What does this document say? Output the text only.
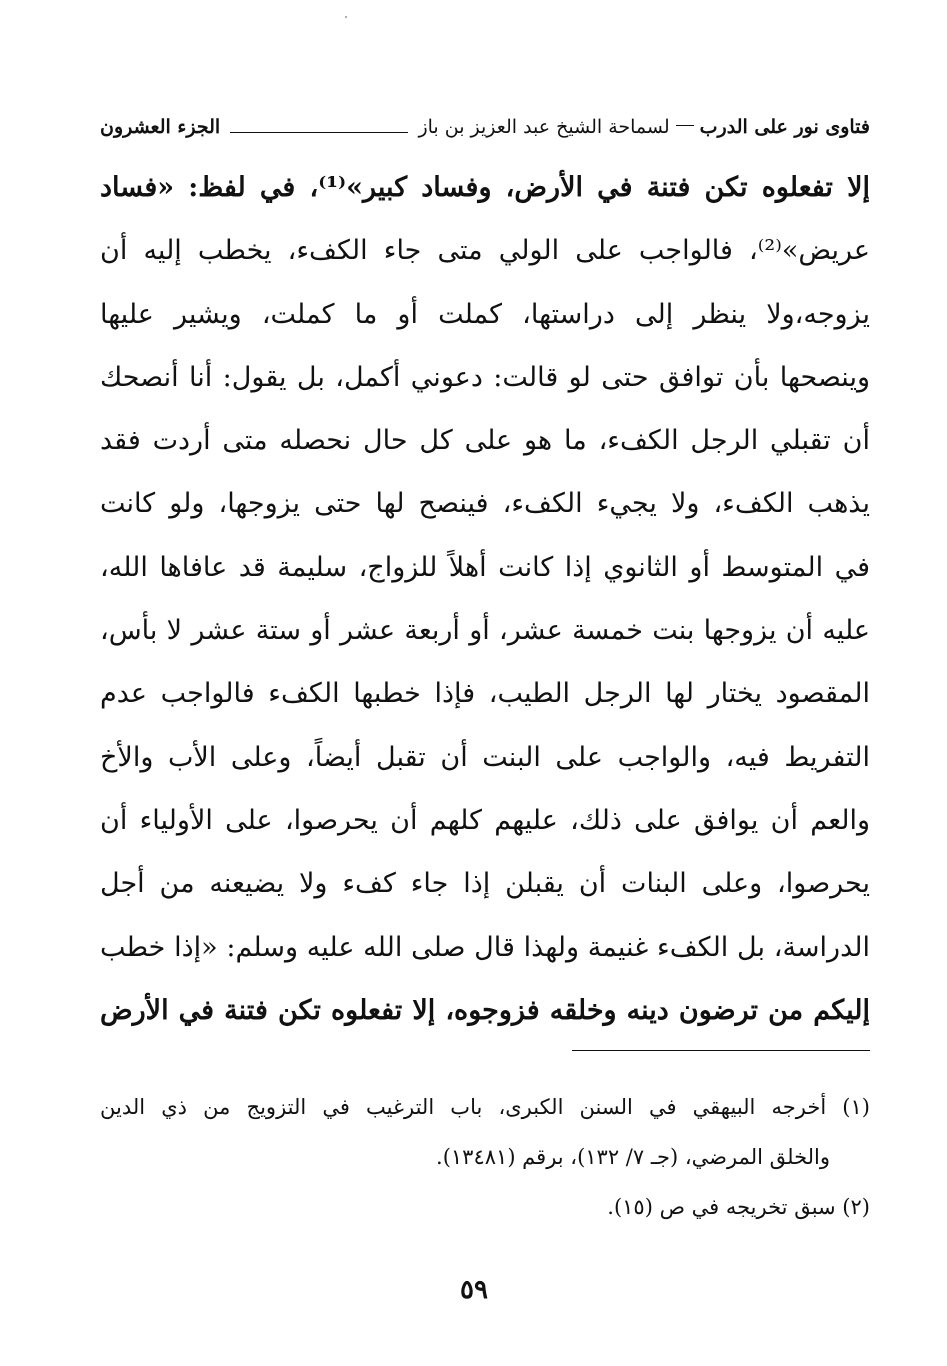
فتاوى نور على الدرب
لسماحة الشيخ عبد العزيز بن باز
الجزء العشرون
إلا تفعلوه تكن فتنة في الأرض، وفساد كبير»⁽¹⁾، في لفظ: «فساد
عريض»⁽²⁾، فالواجب على الولي متى جاء الكفء، يخطب إليه أن
يزوجه،ولا ينظر إلى دراستها، كملت أو ما كملت، ويشير عليها
وينصحها بأن توافق حتى لو قالت: دعوني أكمل، بل يقول: أنا أنصحك
أن تقبلي الرجل الكفء، ما هو على كل حال نحصله متى أردت فقد
يذهب الكفء، ولا يجيء الكفء، فينصح لها حتى يزوجها، ولو كانت
في المتوسط أو الثانوي إذا كانت أهلاً للزواج، سليمة قد عافاها الله،
عليه أن يزوجها بنت خمسة عشر، أو أربعة عشر أو ستة عشر لا بأس،
المقصود يختار لها الرجل الطيب، فإذا خطبها الكفء فالواجب عدم
التفريط فيه، والواجب على البنت أن تقبل أيضاً، وعلى الأب والأخ
والعم أن يوافق على ذلك، عليهم كلهم أن يحرصوا، على الأولياء أن
يحرصوا، وعلى البنات أن يقبلن إذا جاء كفء ولا يضيعنه من أجل
الدراسة، بل الكفء غنيمة ولهذا قال صلى الله عليه وسلم: «إذا خطب
إليكم من ترضون دينه وخلقه فزوجوه، إلا تفعلوه تكن فتنة في الأرض
(١) أخرجه البيهقي في السنن الكبرى، باب الترغيب في التزويج من ذي الدين
والخلق المرضي، (جـ ٧/ ١٣٢)، برقم (١٣٤٨١).
(٢) سبق تخريجه في ص (١٥).
٥٩
